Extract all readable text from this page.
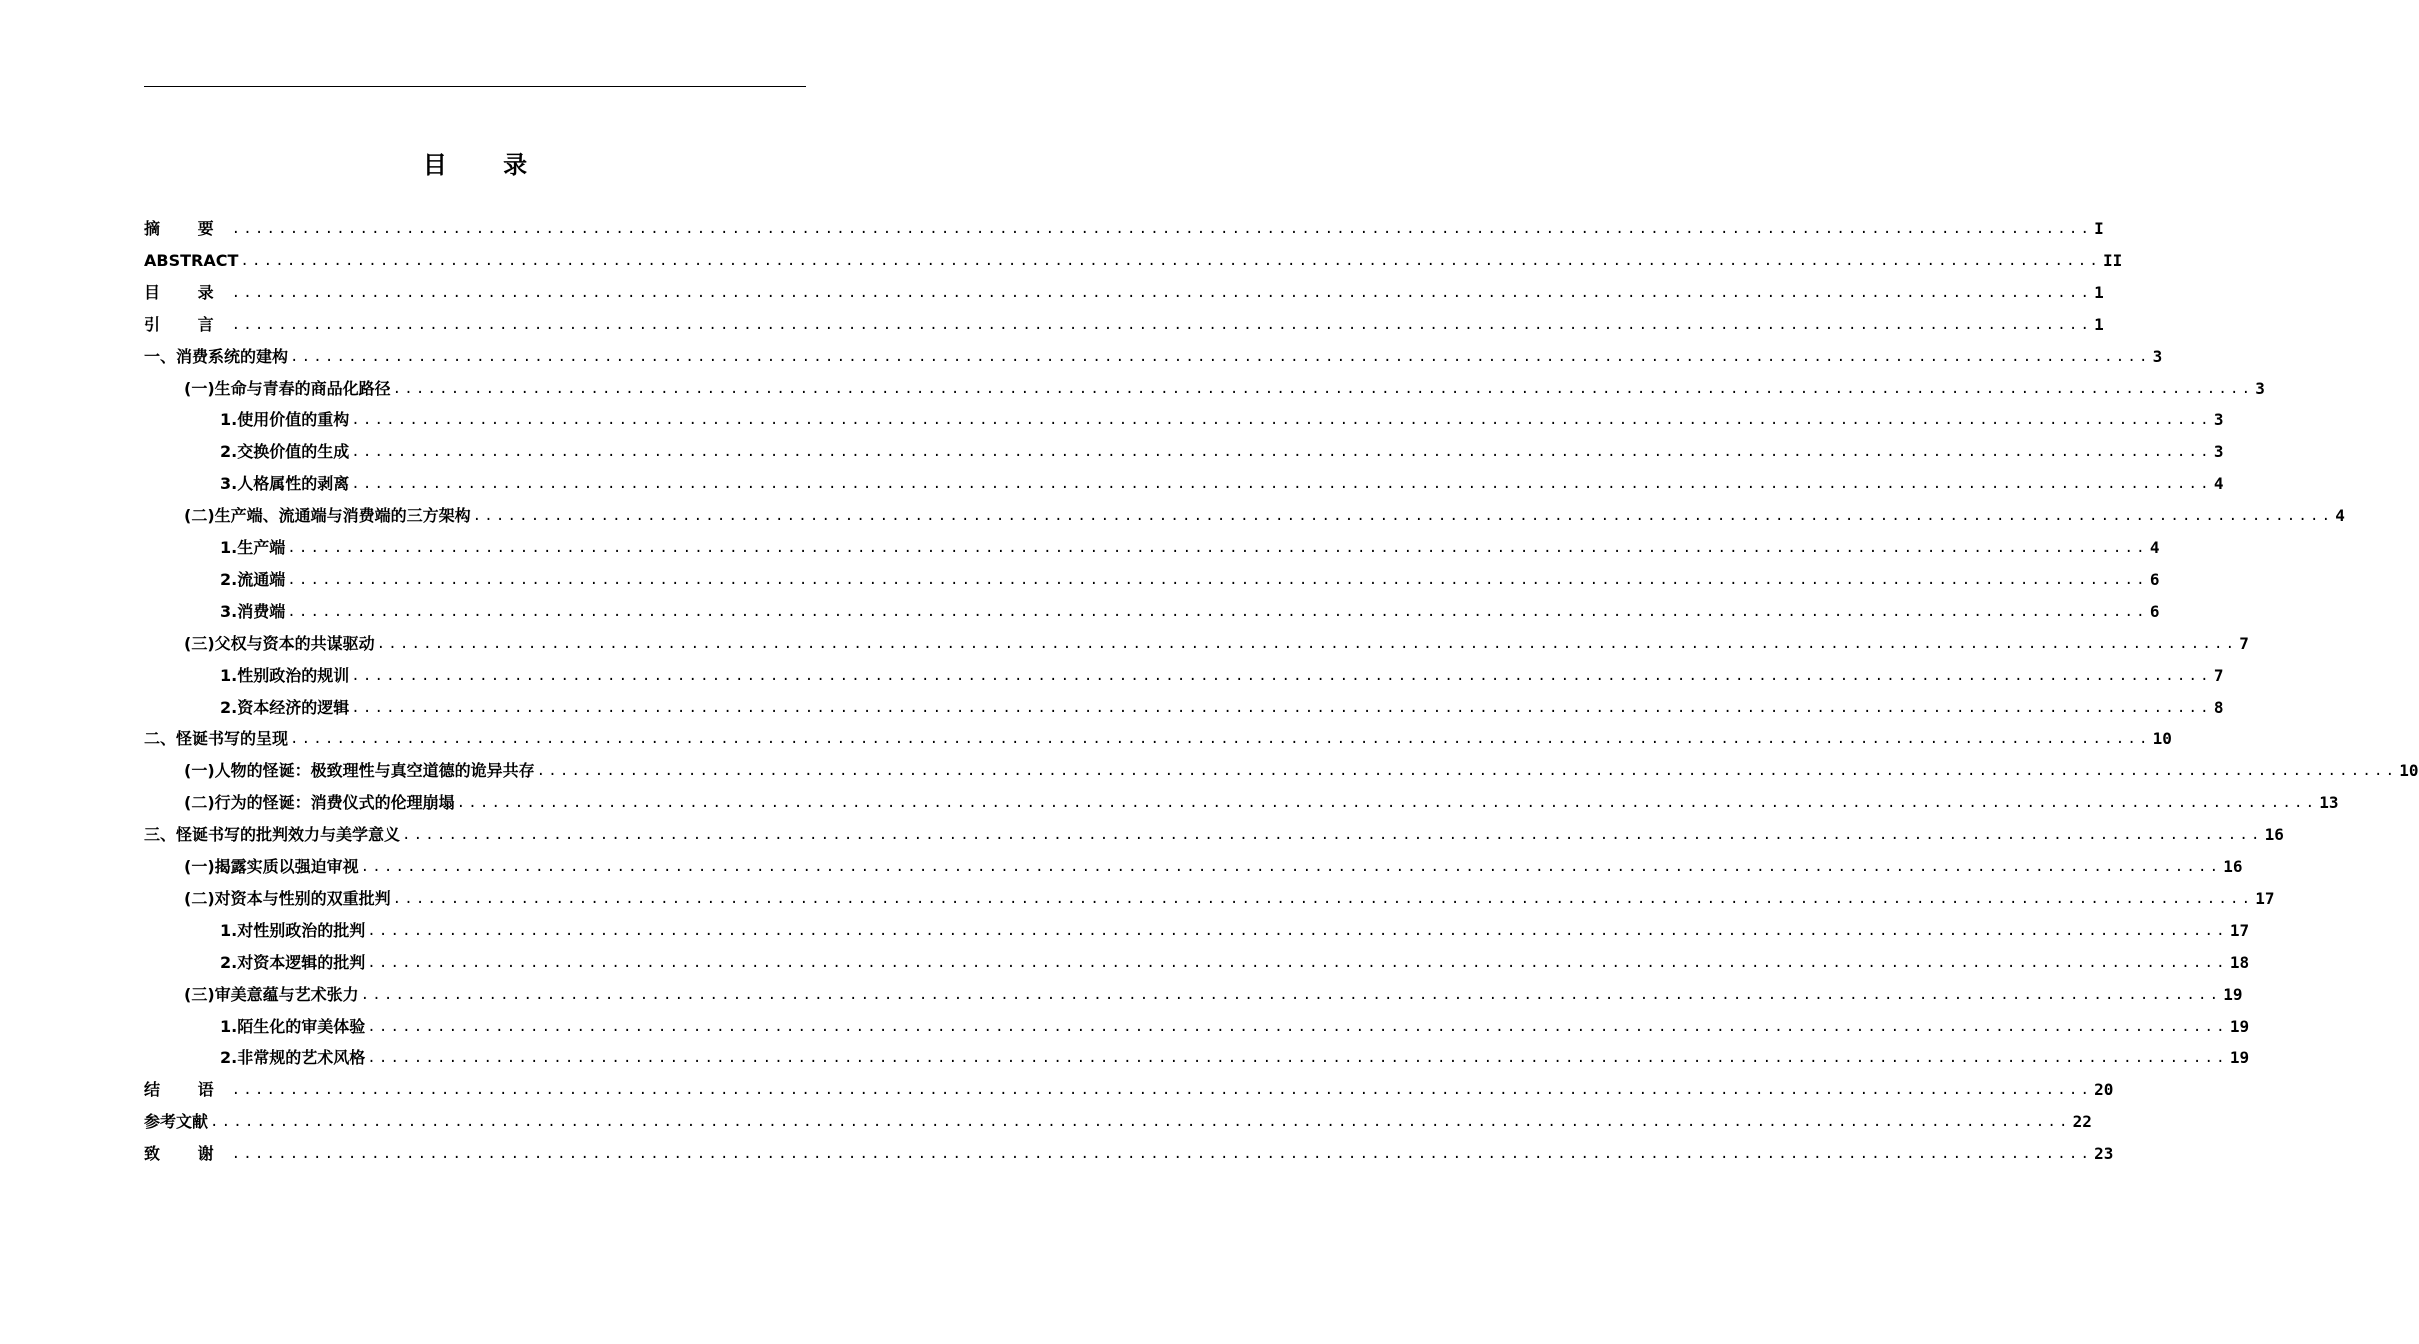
目 录
摘 要 ................................................................................................................................................................ I
ABSTRACT ................................................................................................................................................................ II
目 录 ................................................................................................................................................................ 1
引 言 ................................................................................................................................................................ 1
一、消费系统的建构 ................................................................................................................................................................ 3
(一)生命与青春的商品化路径 ................................................................................................................................................................ 3
1.使用价值的重构 ................................................................................................................................................................ 3
2.交换价值的生成 ................................................................................................................................................................ 3
3.人格属性的剥离 ................................................................................................................................................................ 4
(二)生产端、流通端与消费端的三方架构 ................................................................................................................................................................ 4
1.生产端 ................................................................................................................................................................ 4
2.流通端 ................................................................................................................................................................ 6
3.消费端 ................................................................................................................................................................ 6
(三)父权与资本的共谋驱动 ................................................................................................................................................................ 7
1.性别政治的规训 ................................................................................................................................................................ 7
2.资本经济的逻辑 ................................................................................................................................................................ 8
二、怪诞书写的呈现 ................................................................................................................................................................ 10
(一)人物的怪诞：极致理性与真空道德的诡异共存 ................................................................................................................................................................ 10
(二)行为的怪诞：消费仪式的伦理崩塌 ................................................................................................................................................................ 13
三、怪诞书写的批判效力与美学意义 ................................................................................................................................................................ 16
(一)揭露实质以强迫审视 ................................................................................................................................................................ 16
(二)对资本与性别的双重批判 ................................................................................................................................................................ 17
1.对性别政治的批判 ................................................................................................................................................................ 17
2.对资本逻辑的批判 ................................................................................................................................................................ 18
(三)审美意蕴与艺术张力 ................................................................................................................................................................ 19
1.陌生化的审美体验 ................................................................................................................................................................ 19
2.非常规的艺术风格 ................................................................................................................................................................ 19
结 语 ................................................................................................................................................................ 20
参考文献 ................................................................................................................................................................ 22
致 谢 ................................................................................................................................................................ 23
